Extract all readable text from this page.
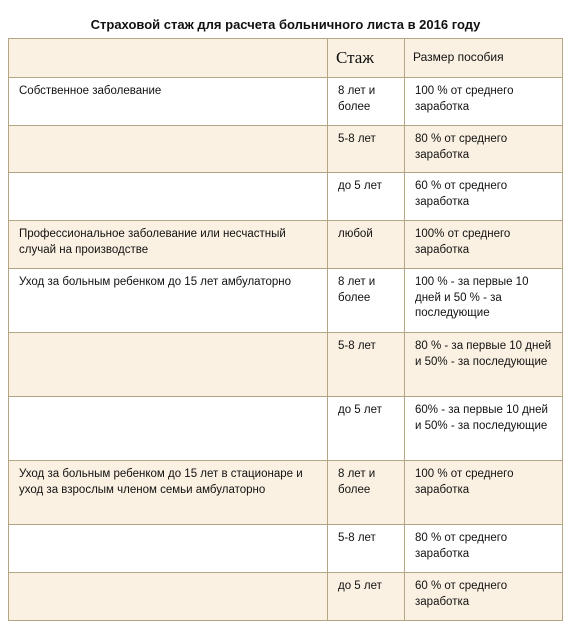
Страховой стаж для расчета больничного листа в 2016 году
	Стаж	Размер пособия
Собственное заболевание	8 лет и более	100 % от среднего заработка
	5-8 лет	80 % от среднего заработка
	до 5 лет	60 % от среднего заработка
Профессиональное заболевание или несчастный случай на производстве	любой	100% от среднего заработка
Уход за больным ребенком до 15 лет амбулаторно	8 лет и более	100 % - за первые 10 дней и 50 % - за последующие
	5-8 лет	80 % - за первые 10 дней и 50% - за последующие
	до 5 лет	60% - за первые 10 дней и 50% - за последующие
Уход за больным ребенком до 15 лет в стационаре и уход за взрослым членом семьи амбулаторно	8 лет и более	100 % от среднего заработка
	5-8 лет	80 % от среднего заработка
	до 5 лет	60 % от среднего заработка
